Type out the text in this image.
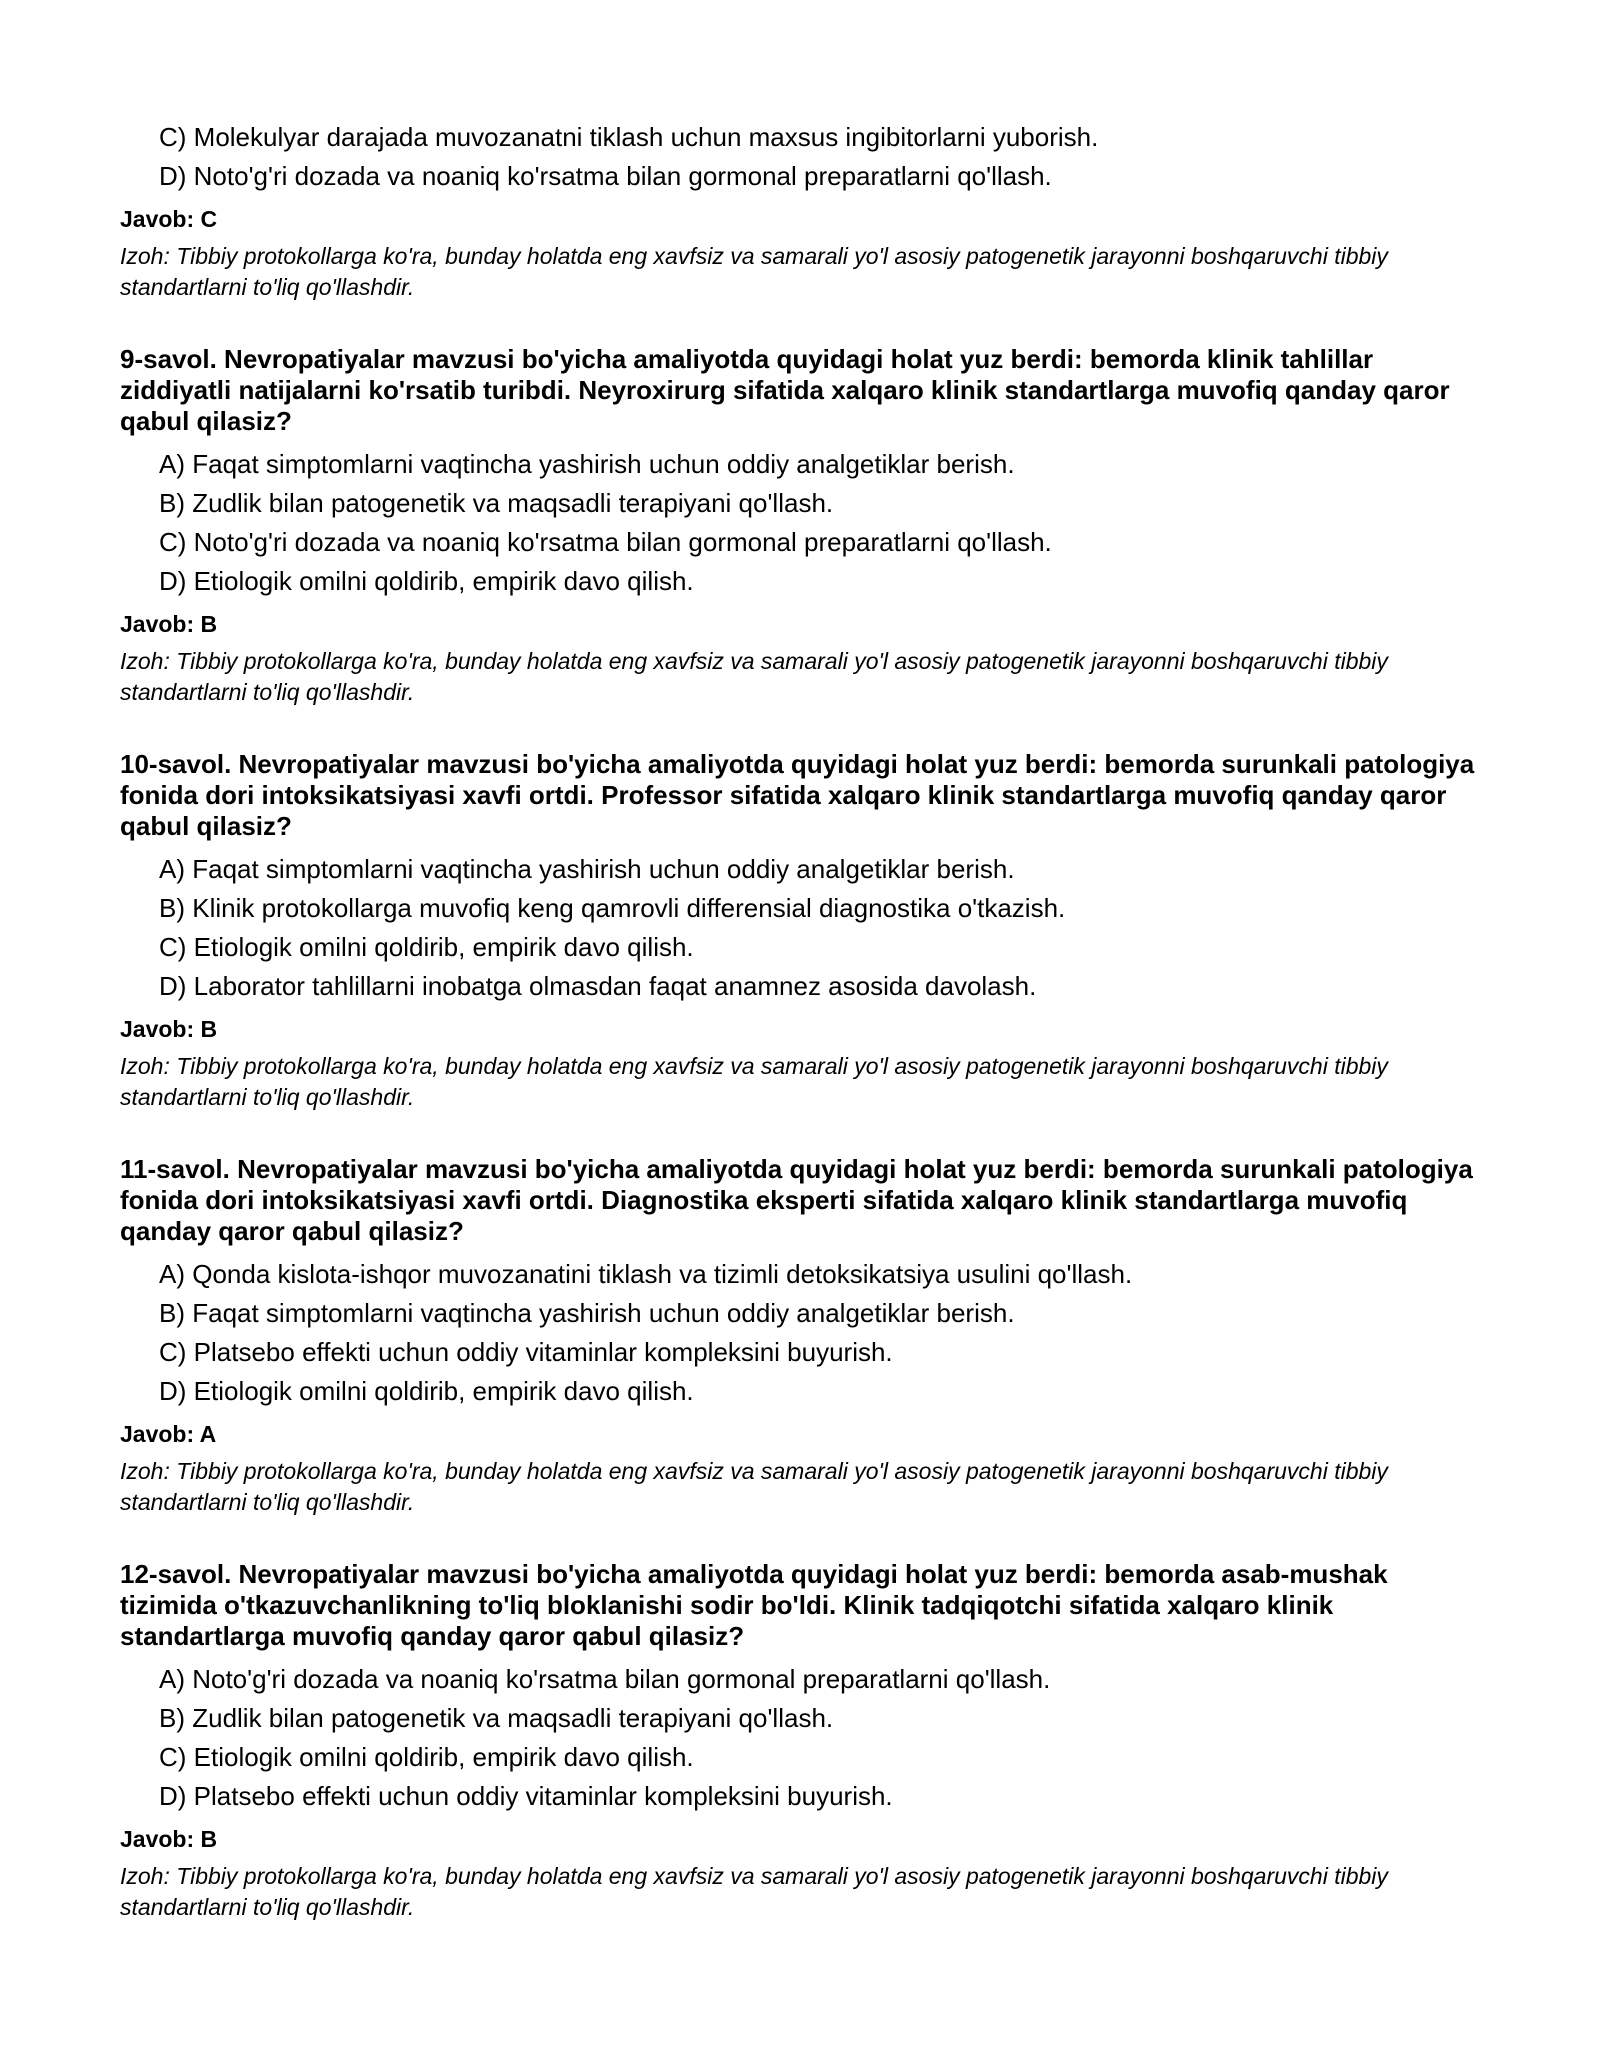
C) Molekulyar darajada muvozanatni tiklash uchun maxsus ingibitorlarni yuborish.
D) Noto'g'ri dozada va noaniq ko'rsatma bilan gormonal preparatlarni qo'llash.
Javob: C
Izoh: Tibbiy protokollarga ko'ra, bunday holatda eng xavfsiz va samarali yo'l asosiy patogenetik jarayonni boshqaruvchi tibbiy standartlarni to'liq qo'llashdir.
9-savol. Nevropatiyalar mavzusi bo'yicha amaliyotda quyidagi holat yuz berdi: bemorda klinik tahlillar ziddiyatli natijalarni ko'rsatib turibdi. Neyroxirurg sifatida xalqaro klinik standartlarga muvofiq qanday qaror qabul qilasiz?
A) Faqat simptomlarni vaqtincha yashirish uchun oddiy analgetiklar berish.
B) Zudlik bilan patogenetik va maqsadli terapiyani qo'llash.
C) Noto'g'ri dozada va noaniq ko'rsatma bilan gormonal preparatlarni qo'llash.
D) Etiologik omilni qoldirib, empirik davo qilish.
Javob: B
Izoh: Tibbiy protokollarga ko'ra, bunday holatda eng xavfsiz va samarali yo'l asosiy patogenetik jarayonni boshqaruvchi tibbiy standartlarni to'liq qo'llashdir.
10-savol. Nevropatiyalar mavzusi bo'yicha amaliyotda quyidagi holat yuz berdi: bemorda surunkali patologiya fonida dori intoksikatsiyasi xavfi ortdi. Professor sifatida xalqaro klinik standartlarga muvofiq qanday qaror qabul qilasiz?
A) Faqat simptomlarni vaqtincha yashirish uchun oddiy analgetiklar berish.
B) Klinik protokollarga muvofiq keng qamrovli differensial diagnostika o'tkazish.
C) Etiologik omilni qoldirib, empirik davo qilish.
D) Laborator tahlillarni inobatga olmasdan faqat anamnez asosida davolash.
Javob: B
Izoh: Tibbiy protokollarga ko'ra, bunday holatda eng xavfsiz va samarali yo'l asosiy patogenetik jarayonni boshqaruvchi tibbiy standartlarni to'liq qo'llashdir.
11-savol. Nevropatiyalar mavzusi bo'yicha amaliyotda quyidagi holat yuz berdi: bemorda surunkali patologiya fonida dori intoksikatsiyasi xavfi ortdi. Diagnostika eksperti sifatida xalqaro klinik standartlarga muvofiq qanday qaror qabul qilasiz?
A) Qonda kislota-ishqor muvozanatini tiklash va tizimli detoksikatsiya usulini qo'llash.
B) Faqat simptomlarni vaqtincha yashirish uchun oddiy analgetiklar berish.
C) Platsebo effekti uchun oddiy vitaminlar kompleksini buyurish.
D) Etiologik omilni qoldirib, empirik davo qilish.
Javob: A
Izoh: Tibbiy protokollarga ko'ra, bunday holatda eng xavfsiz va samarali yo'l asosiy patogenetik jarayonni boshqaruvchi tibbiy standartlarni to'liq qo'llashdir.
12-savol. Nevropatiyalar mavzusi bo'yicha amaliyotda quyidagi holat yuz berdi: bemorda asab-mushak tizimida o'tkazuvchanlikning to'liq bloklanishi sodir bo'ldi. Klinik tadqiqotchi sifatida xalqaro klinik standartlarga muvofiq qanday qaror qabul qilasiz?
A) Noto'g'ri dozada va noaniq ko'rsatma bilan gormonal preparatlarni qo'llash.
B) Zudlik bilan patogenetik va maqsadli terapiyani qo'llash.
C) Etiologik omilni qoldirib, empirik davo qilish.
D) Platsebo effekti uchun oddiy vitaminlar kompleksini buyurish.
Javob: B
Izoh: Tibbiy protokollarga ko'ra, bunday holatda eng xavfsiz va samarali yo'l asosiy patogenetik jarayonni boshqaruvchi tibbiy standartlarni to'liq qo'llashdir.
